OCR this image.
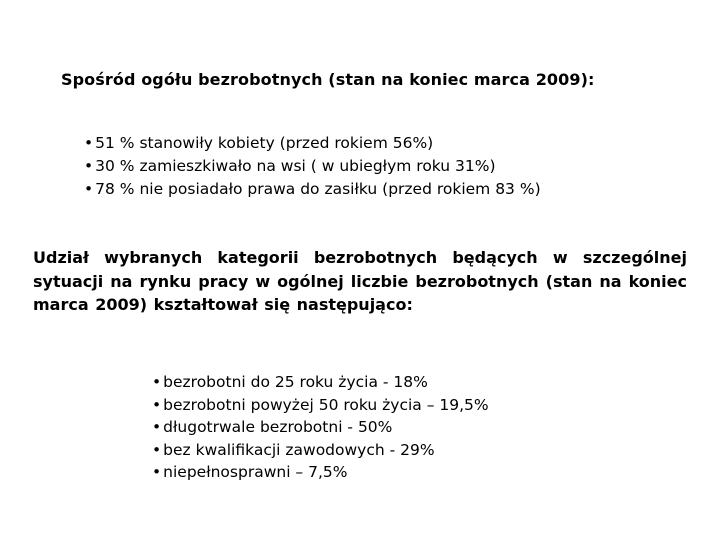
Spośród ogółu bezrobotnych (stan na koniec marca 2009):
• 51 % stanowiły kobiety (przed rokiem 56%)
• 30 % zamieszkiwało na wsi ( w ubiegłym roku 31%)
• 78 % nie posiadało prawa do zasiłku (przed rokiem 83 %)
Udział wybranych kategorii bezrobotnych będących w szczególnej sytuacji na rynku pracy w ogólnej liczbie bezrobotnych (stan na koniec marca 2009) kształtował się następująco:
• bezrobotni do 25 roku życia - 18%
• bezrobotni powyżej 50 roku życia – 19,5%
• długotrwale bezrobotni - 50%
• bez kwalifikacji zawodowych - 29%
• niepełnosprawni – 7,5%
